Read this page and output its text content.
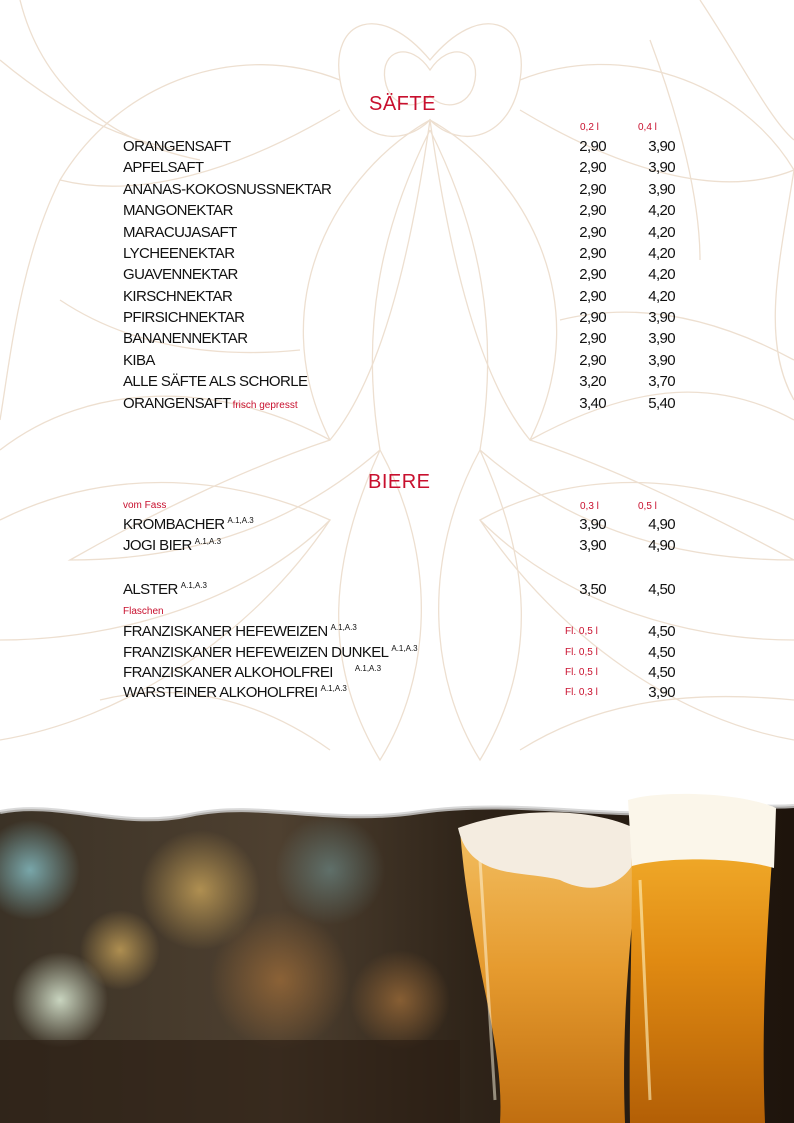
SÄFTE
0,2 l	0,4 l
ORANGENSAFT	2,90	3,90
APFELSAFT	2,90	3,90
ANANAS-KOKOSNUSSNEKTAR	2,90	3,90
MANGONEKTAR	2,90	4,20
MARACUJASAFT	2,90	4,20
LYCHEENEKTAR	2,90	4,20
GUAVENNEKTAR	2,90	4,20
KIRSCHNEKTAR	2,90	4,20
PFIRSICHNEKTAR	2,90	3,90
BANANENNEKTAR	2,90	3,90
KIBA	2,90	3,90
ALLE SÄFTE ALS SCHORLE	3,20	3,70
ORANGENSAFT frisch gepresst	3,40	5,40
BIERE
vom Fass	0,3 l	0,5 l
KROMBACHER $^{A.1,A.3}$	3,90	4,90
JOGI BIER $^{A.1,A.3}$	3,90	4,90
ALSTER $^{A.1,A.3}$	3,50	4,50
Flaschen
FRANZISKANER HEFEWEIZEN $^{A.1,A.3}$	Fl. 0,5 l	4,50
FRANZISKANER HEFEWEIZEN DUNKEL $^{A.1,A.3}$	Fl. 0,5 l	4,50
FRANZISKANER ALKOHOLFREI	$^{A.1,A.3}$	Fl. 0,5 l	4,50
WARSTEINER ALKOHOLFREI $^{A.1,A.3}$	Fl. 0,3 l	3,90
